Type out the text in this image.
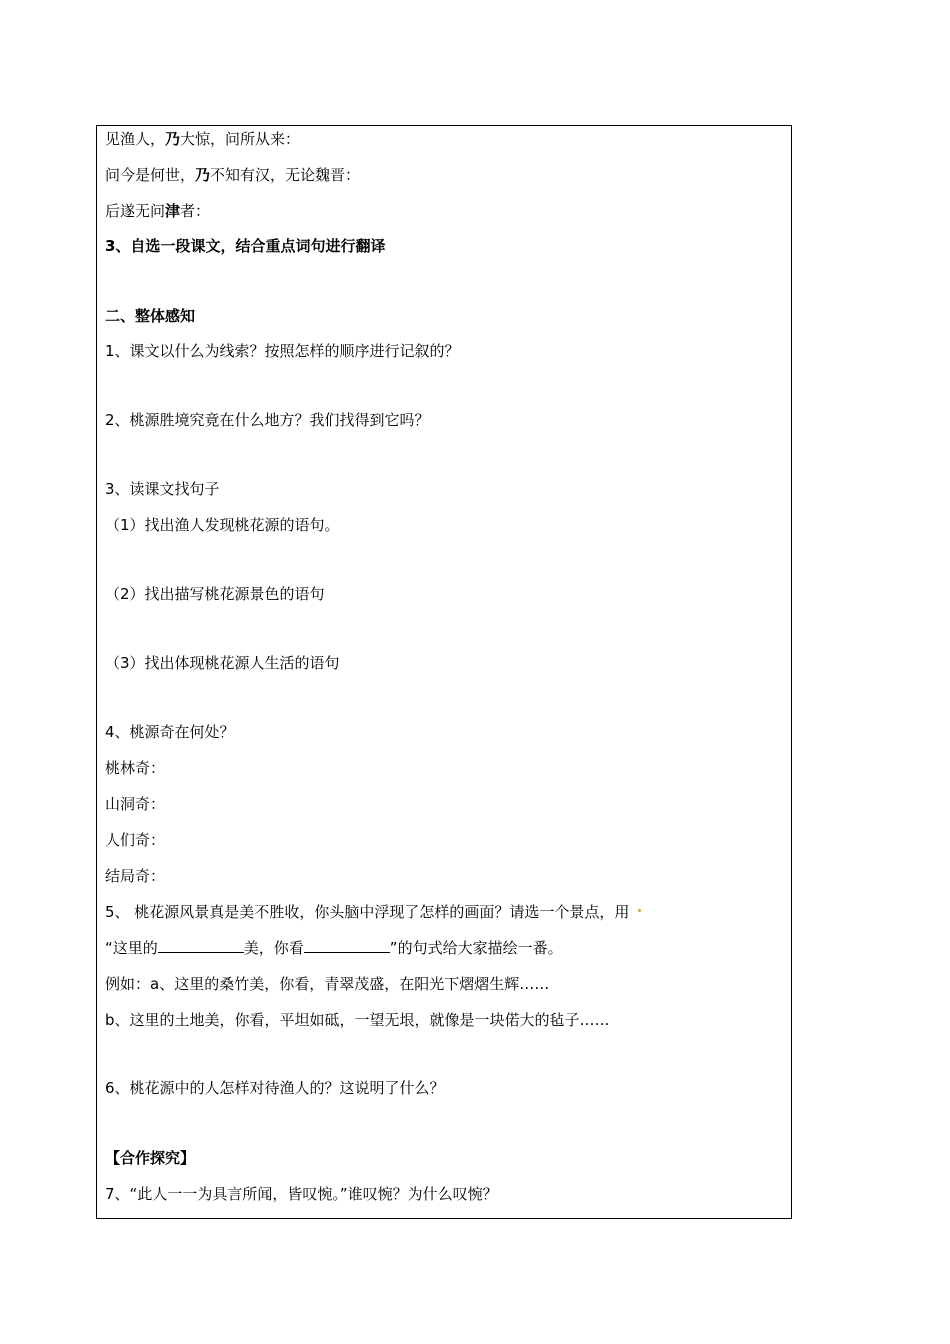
见渔人，乃大惊，问所从来：
问今是何世，乃不知有汉，无论魏晋：
后遂无问津者：
3、自选一段课文，结合重点词句进行翻译
二、整体感知
1、课文以什么为线索？按照怎样的顺序进行记叙的？
2、桃源胜境究竟在什么地方？我们找得到它吗？
3、读课文找句子
（1）找出渔人发现桃花源的语句。
（2）找出描写桃花源景色的语句
（3）找出体现桃花源人生活的语句
4、桃源奇在何处？
桃林奇：
山洞奇：
人们奇：
结局奇：
5、 桃花源风景真是美不胜收，你头脑中浮现了怎样的画面？请选一个景点，用
“这里的	美，你看	”的句式给大家描绘一番。
例如：a、这里的桑竹美，你看，青翠茂盛，在阳光下熠熠生辉……
b、这里的土地美，你看，平坦如砥，一望无垠，就像是一块偌大的毡子……
6、桃花源中的人怎样对待渔人的？这说明了什么？
【合作探究】
7、“此人一一为具言所闻，皆叹惋。”谁叹惋？为什么叹惋？
